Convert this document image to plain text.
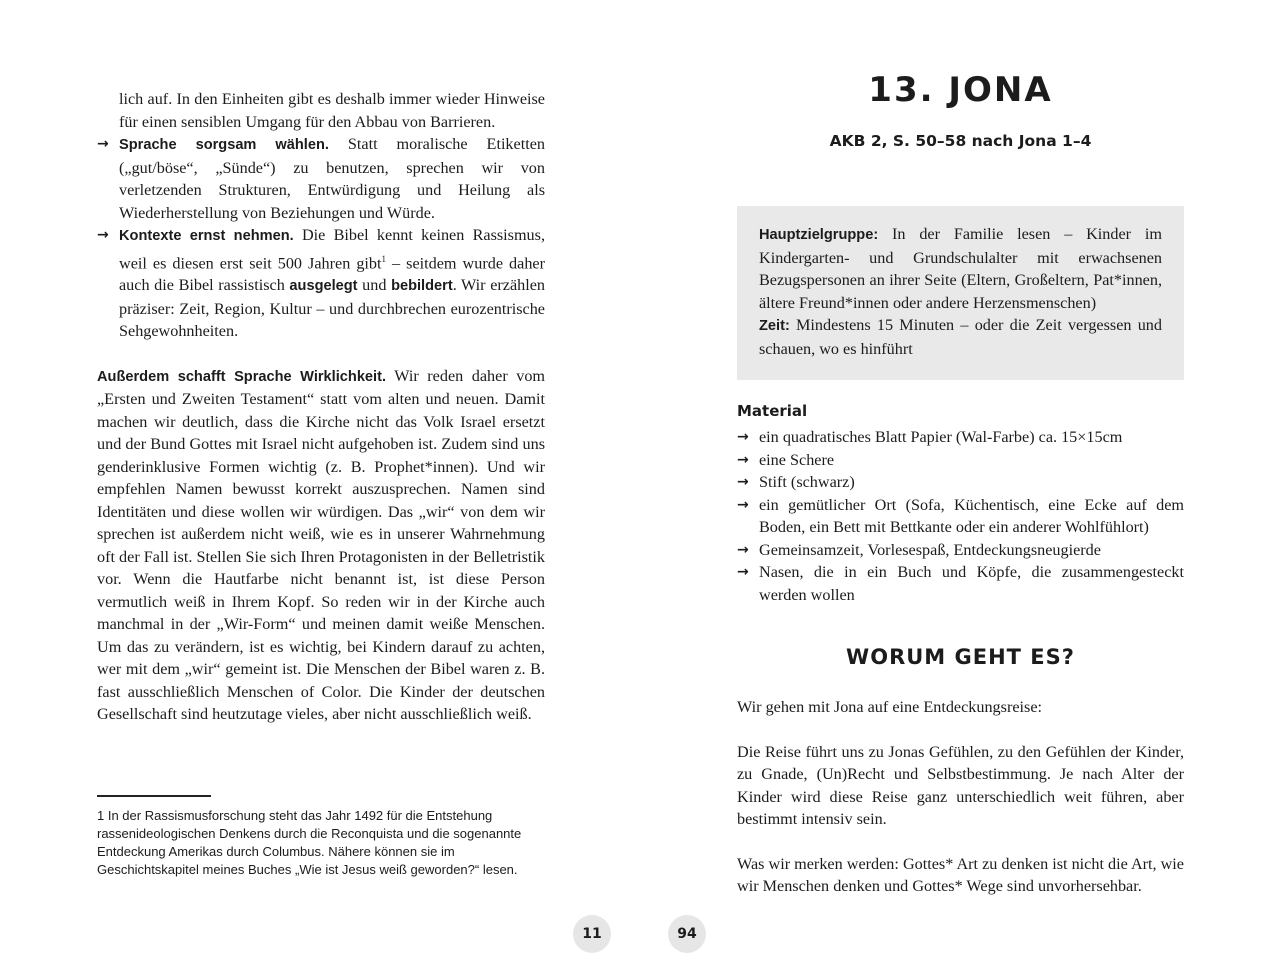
lich auf. In den Einheiten gibt es deshalb immer wieder Hinweise für einen sensiblen Umgang für den Abbau von Barrieren.

→ Sprache sorgsam wählen. Statt moralische Etiketten („gut/böse“, „Sünde“) zu benutzen, sprechen wir von verletzenden Strukturen, Entwürdigung und Heilung als Wiederherstellung von Beziehungen und Würde.
→ Kontexte ernst nehmen. Die Bibel kennt keinen Rassismus, weil es diesen erst seit 500 Jahren gibt$^1$ – seitdem wurde daher auch die Bibel rassistisch ausgelegt und bebildert. Wir erzählen präziser: Zeit, Region, Kultur – und durchbrechen eurozentrische Sehgewohnheiten.

Außerdem schafft Sprache Wirklichkeit. Wir reden daher vom „Ersten und Zweiten Testament“ statt vom alten und neuen. Damit machen wir deutlich, dass die Kirche nicht das Volk Israel ersetzt und der Bund Gottes mit Israel nicht aufgehoben ist. Zudem sind uns genderinklusive Formen wichtig (z. B. Prophet*innen). Und wir empfehlen Namen bewusst korrekt auszusprechen. Namen sind Identitäten und diese wollen wir würdigen. Das „wir“ von dem wir sprechen ist außerdem nicht weiß, wie es in unserer Wahrnehmung oft der Fall ist. Stellen Sie sich Ihren Protagonisten in der Belletristik vor. Wenn die Hautfarbe nicht benannt ist, ist diese Person vermutlich weiß in Ihrem Kopf. So reden wir in der Kirche auch manchmal in der „Wir-Form“ und meinen damit weiße Menschen. Um das zu verändern, ist es wichtig, bei Kindern darauf zu achten, wer mit dem „wir“ gemeint ist. Die Menschen der Bibel waren z. B. fast ausschließlich Menschen of Color. Die Kinder der deutschen Gesellschaft sind heutzutage vieles, aber nicht ausschließlich weiß.

1 In der Rassismusforschung steht das Jahr 1492 für die Entstehung rassenideologischen Denkens durch die Reconquista und die sogenannte Entdeckung Amerikas durch Columbus. Nähere können sie im Geschichtskapitel meines Buches „Wie ist Jesus weiß geworden?“ lesen.

13. JONA
AKB 2, S. 50–58 nach Jona 1–4

Hauptzielgruppe: In der Familie lesen – Kinder im Kindergarten- und Grundschulalter mit erwachsenen Bezugspersonen an ihrer Seite (Eltern, Großeltern, Pat*innen, ältere Freund*innen oder andere Herzensmenschen)
Zeit: Mindestens 15 Minuten – oder die Zeit vergessen und schauen, wo es hinführt

Material
→ ein quadratisches Blatt Papier (Wal-Farbe) ca. 15×15cm
→ eine Schere
→ Stift (schwarz)
→ ein gemütlicher Ort (Sofa, Küchentisch, eine Ecke auf dem Boden, ein Bett mit Bettkante oder ein anderer Wohlfühlort)
→ Gemeinsamzeit, Vorlesespaß, Entdeckungsneugierde
→ Nasen, die in ein Buch und Köpfe, die zusammengesteckt werden wollen
WORUM GEHT ES?

Wir gehen mit Jona auf eine Entdeckungsreise:

Die Reise führt uns zu Jonas Gefühlen, zu den Gefühlen der Kinder, zu Gnade, (Un)Recht und Selbstbestimmung. Je nach Alter der Kinder wird diese Reise ganz unterschiedlich weit führen, aber bestimmt intensiv sein.

Was wir merken werden: Gottes* Art zu denken ist nicht die Art, wie wir Menschen denken und Gottes* Wege sind unvorhersehbar.

11	94
